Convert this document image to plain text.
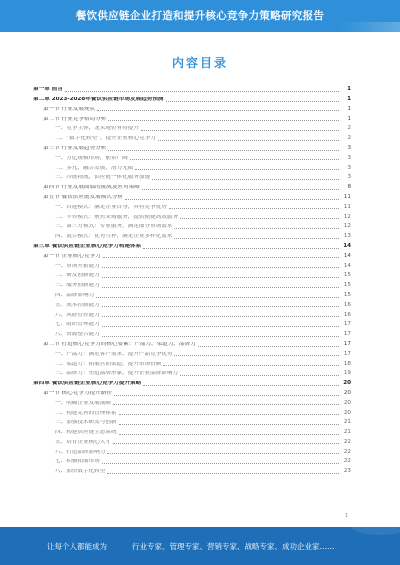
餐饮供应链企业打造和提升核心竞争力策略研究报告
内容目录
第一章 前言	1
第二章 2023-2028年餐饮供应链市场发展趋势预测	1
第一节 行业发展现状	1
第二节 行业竞争格局分析	1
一、竞争主体，龙头地位有待提升	2
二、“数字化转型”，提升企业核心竞争力	2
第三节 行业发展趋势分析	3
一、万亿规模市场，前景广阔	3
二、多元、融合发展，潜力无限	3
三、冷链物流，供应链一体化服务加速	3
第四节 行业发展面临的挑战及应对策略	8
第五节 餐饮供应链发展模式分析	11
一、自建模式：满足企业自身，具有竞争优势	11
二、平台模式：聚焦采购服务，提供便捷高效服务	12
三、第三方模式：专业服务，满足细分市场需求	12
四、混合模式：优势互补，满足企业多样化需求	13
第三章 餐饮供应链企业核心竞争力构建体系	14
第一节 企业核心竞争力	14
一、市场开拓能力	14
二、研发创新能力	15
三、服务创新能力	15
四、品牌影响力	15
五、成本控制能力	16
六、风险管控能力	16
七、组织管理能力	17
八、资源整合能力	17
第二节 打造核心竞争力的核心要素：产品力、渠道力、品牌力	17
一、产品力：满足客户需求，提升产品竞争优势	17
二、渠道力：拓展营销渠道，提升市场份额	18
三、品牌力：塑造品牌形象，提升企业品牌影响力	19
第四章 餐饮供应链企业核心竞争力提升策略	20
第一节 核心竞争力提升路径	20
一、明确企业发展战略	20
二、构建完善的管理体系	20
三、加强技术研发与创新	21
四、构建供应链生态系统	21
五、培育企业核心人才	22
六、打造品牌影响力	22
七、积极拓展市场	22
八、加快数字化转型	23
1
让每个人都能成为	行业专家、管理专家、营销专家、战略专家、成功企业家……
